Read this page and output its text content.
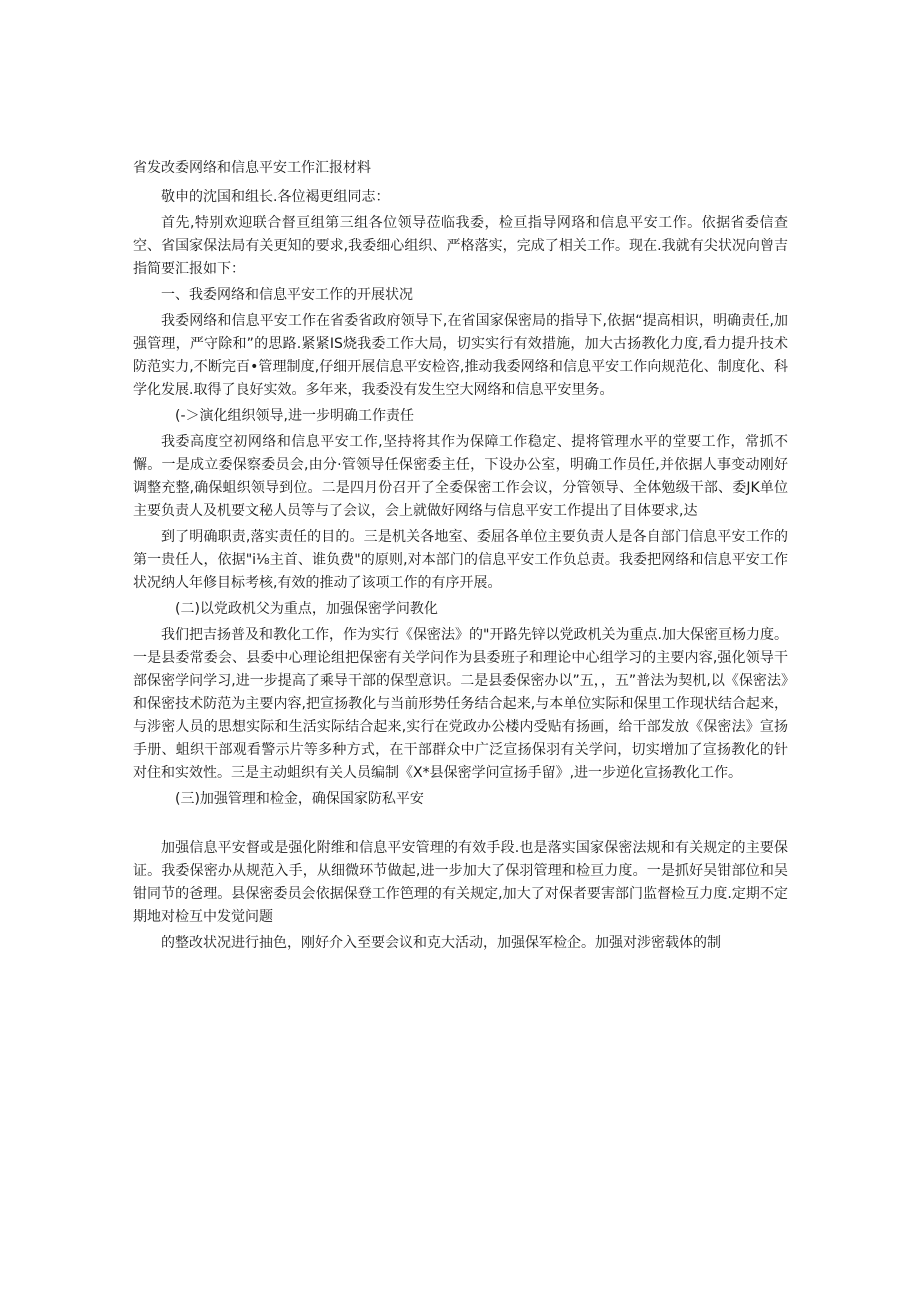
省发改委网络和信息平安工作汇报材料
敬申的沈国和组长.各位褐更组同志：
首先,特别欢迎联合督亘组第三组各位领导莅临我委，检亘指导网珞和信息平安工作。依据省委信查空、省国家保法局有关更知的要求,我委细心组织、严格落实，完成了相关工作。现在.我就有尖状况向曾吉指简要汇报如下：
一、我委网络和信息平安工作的开展状况
我委网络和信息平安工作在省委省政府领导下,在省国家保密局的指导下,依据“提高相识，明确责任,加强管理，严守除和”的思路.紧紧IS烧我委工作大局，切实实行有效措施，加大古扬教化力度,看力提升技术防范实力,不断完百•管理制度,仔细开展信息平安检咨,推动我委网络和信息平安工作向规范化、制度化、科学化发展.取得了良好实效。多年来，我委没有发生空大网络和信息平安里务。
(-＞演化组织领导,进一步明确工作责任
我委高度空初网络和信息平安工作,坚持将其作为保障工作稳定、提将管理水平的堂要工作，常抓不懈。一是成立委保察委员会,由分·管领导任保密委主任，下设办公室，明确工作员任,并依据人事变动刚好调整充整,确保蛆织领导到位。二是四月份召开了全委保密工作会议，分管领导、全体勉级干部、委JK单位主要负责人及机要文秘人员等与了会议，会上就做好网络与信息平安工作提出了目体要求,达
到了明确职责,落实责任的目的。三是机关各地室、委屈各单位主要负责人是各自部门信息平安工作的第一贵任人，依据"i⅛主首、谁负费"的原则,对本部门的信息平安工作负总责。我委把网络和信息平安工作状况纳人年修目标考核,有效的推动了该项工作的有序开展。
(二)以党政机父为重点，加强保密学问教化
我们把吉扬普及和教化工作，作为实行《保密法》的"开路先锌以党政机关为重点.加大保密亘杨力度。一是县委常委会、县委中心理论组把保密有关学问作为县委班子和理论中心组学习的主要内容,强化领导干部保密学问学习,进一步提高了乘导干部的保型意识。二是县委保密办以”五，，五”普法为契机,以《保密法》和保密技术防范为主要内容,把宣扬教化与当前形势任务结合起来,与本单位实际和保里工作现状结合起来，与涉密人员的思想实际和生活实际结合起来,实行在党政办公楼内受贴有扬画，给干部发放《保密法》宣扬手册、蛆织干部观看警示片等多种方式，在干部群众中广泛宣扬保羽有关学问，切实增加了宣扬教化的针对住和实效性。三是主动蛆织有关人员编制《X*县保密学问宣扬手留》,进一步逆化宣扬教化工作。
(三)加强管理和检金，确保国家防私平安
加强信息平安督或是强化附维和信息平安管理的有效手段.也是落实国家保密法规和有关规定的主要保证。我委保密办从规范入手，从细微环节做起,进一步加大了保羽管理和检亘力度。一是抓好吴钳部位和吴钳同节的爸理。县保密委员会依据保登工作笆理的有关规定,加大了对保者要害部门监督检互力度.定期不定期地对检互中发觉问题
的整改状况进行抽色，刚好介入至要会议和克大活动，加强保军检企。加强对涉密载体的制
